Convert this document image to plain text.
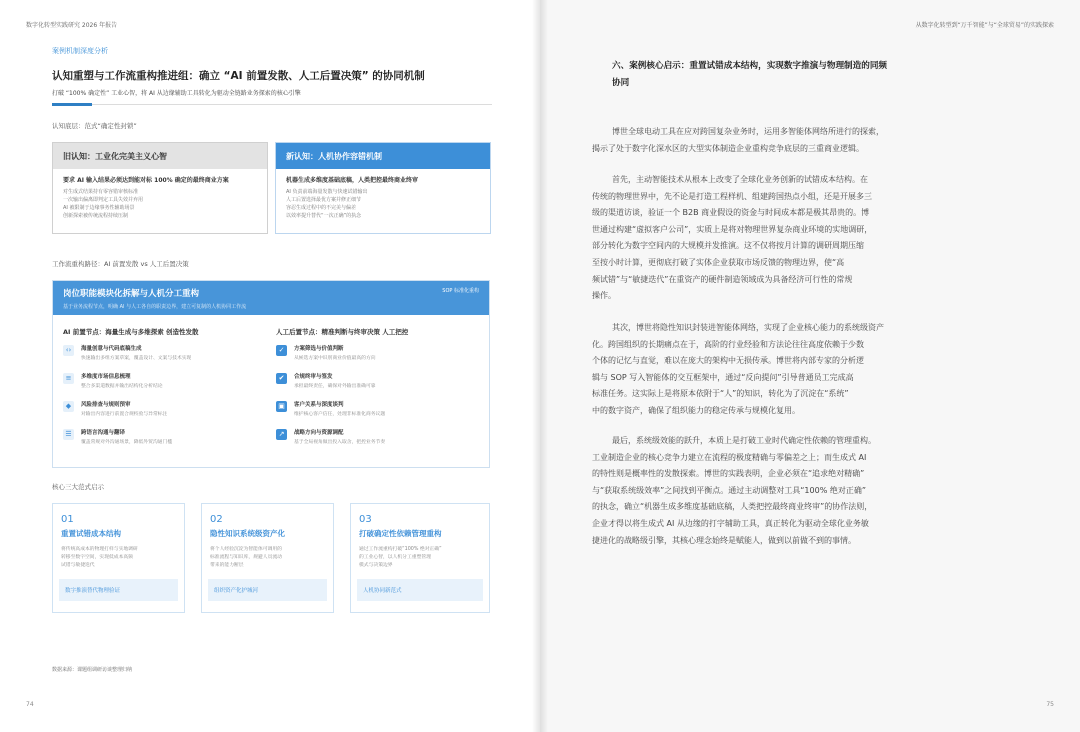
数字化转型实践研究 2026 年报告
案例机制深度分析
认知重塑与工作流重构推进组：确立 “AI 前置发散、人工后置决策” 的协同机制
打破 “100% 确定性” 工业心智，将 AI 从边缘辅助工具转化为驱动全链路业务探索的核心引擎
认知底层：范式“确定性封锁”
旧认知：工业化完美主义心智
要求 AI 输入结果必须达到能对标 100% 确定的最终商业方案
对生成式结果持有零容错审核标准
一次输出偏离即判定工具失效并弃用
AI 被限制于边缘事务性辅助场景
创新探索被传统流程持续压制
新认知：人机协作容错机制
机器生成多维度基础底稿，人类把控最终商业终审
AI 负责前端海量发散与快速试错输出
人工后置选择最优方案并修正细节
容忍生成过程中的不完美与偏差
以效率提升替代“一次正确”的执念
工作流重构路径：AI 前置发散 vs 人工后置决策
岗位职能模块化拆解与人机分工重构
基于业务流程节点，明确 AI 与人工各自的职责边界，建立可复制的人机协同工作流
SOP 标准化重构
AI 前置节点：海量生成与多维探索 创造性发散
‹›	海量创意与代码底稿生成
快速输出多组方案草案，覆盖设计、文案与技术实现
≡	多维度市场信息梳理
整合多渠道数据并输出结构化分析结论
◆	风险排查与规则预审
对输出内容进行前置合规校验与异常标注
☰	跨语言沟通与翻译
覆盖常规对外沟通场景，降低外贸沟通门槛
人工后置节点：精准判断与终审决策 人工把控
✓	方案筛选与价值判断
从候选方案中识别商业价值最高的方向
✔	合规终审与签发
承担最终责任，确保对外输出准确可靠
▣	客户关系与深度谈判
维护核心客户信任，处理非标准化商务议题
↗	战略方向与资源调配
基于全局视角做出投入取舍，把控业务节奏
核心三大范式启示
01
重置试错成本结构
将传统高成本的物理打样与实地调研
转移至数字空间，实现低成本高频
试错与敏捷迭代
数字推演替代物理验证
02
隐性知识系统级资产化
将个人经验沉淀为智能体可调用的
标准流程与知识库，规避人员流动
带来的能力断层
组织资产化护城河
03
打破确定性依赖管理重构
通过工作流重构打破“100% 绝对正确”
的工业心智，以人机分工重塑管理
模式与决策边界
人机协同新范式
数据来源：课题组调研访谈整理归纳
74
从数字化转型到“万千智能”与“全球贸易”的实践探索
75
六、案例核心启示：重置试错成本结构，实现数字推演与物理制造的同频
协同
博世全球电动工具在应对跨国复杂业务时，运用多智能体网络所进行的探索，
揭示了处于数字化深水区的大型实体制造企业重构竞争底层的三重商业逻辑。
首先，主动智能技术从根本上改变了全球化业务创新的试错成本结构。在
传统的物理世界中，先不论是打造工程样机、组建跨国热点小组，还是开展多三
级的渠道访谈，验证一个 B2B 商业假设的资金与时间成本都是极其昂贵的。博
世通过构建“虚拟客户公司”，实质上是将对物理世界复杂商业环境的实地调研，
部分转化为数字空间内的大规模并发推演。这不仅将按月计算的调研周期压缩
至按小时计算，更彻底打破了实体企业获取市场反馈的物理边界，使“高
频试错”与“敏捷迭代”在重资产的硬件制造领域成为具备经济可行性的常规
操作。
其次，博世将隐性知识封装进智能体网络，实现了企业核心能力的系统级资产
化。跨国组织的长期痛点在于，高阶的行业经验和方法论往往高度依赖于少数
个体的记忆与直觉，难以在庞大的架构中无损传承。博世将内部专家的分析逻
辑与 SOP 写入智能体的交互框架中，通过“反向提问”引导普通员工完成高
标准任务。这实际上是将原本依附于“人”的知识，转化为了沉淀在“系统”
中的数字资产，确保了组织能力的稳定传承与规模化复用。
最后，系统级效能的跃升，本质上是打破工业时代确定性依赖的管理重构。
工业制造企业的核心竞争力建立在流程的极度精确与零偏差之上；而生成式 AI
的特性则是概率性的发散探索。博世的实践表明，企业必须在“追求绝对精确”
与“获取系统级效率”之间找到平衡点。通过主动调整对工具“100% 绝对正确”
的执念，确立“机器生成多维度基础底稿，人类把控最终商业终审”的协作法则，
企业才得以将生成式 AI 从边缘的打字辅助工具，真正转化为驱动全球化业务敏
捷进化的战略级引擎，其核心理念始终是赋能人，做到以前做不到的事情。
